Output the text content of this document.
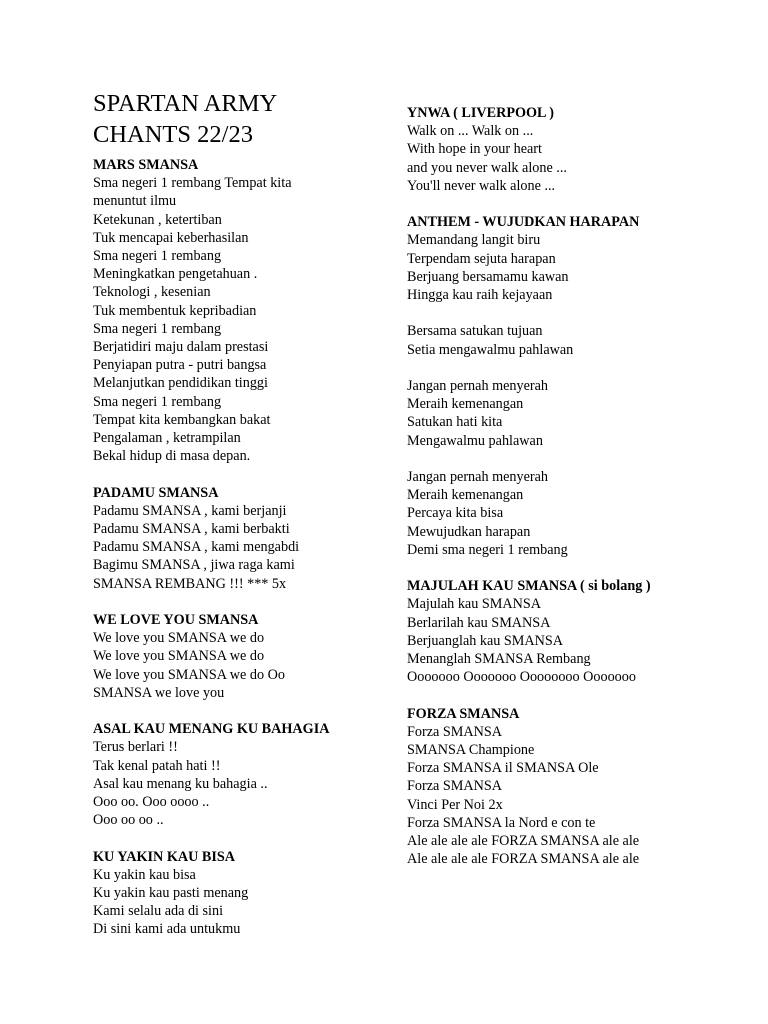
SPARTAN ARMY
CHANTS 22/23
MARS SMANSA
Sma negeri 1 rembang Tempat kita
menuntut ilmu
Ketekunan , ketertiban
Tuk mencapai keberhasilan
Sma negeri 1 rembang
Meningkatkan pengetahuan .
Teknologi , kesenian
Tuk membentuk kepribadian
Sma negeri 1 rembang
Berjatidiri maju dalam prestasi
Penyiapan putra - putri bangsa
Melanjutkan pendidikan tinggi
Sma negeri 1 rembang
Tempat kita kembangkan bakat
Pengalaman , ketrampilan
Bekal hidup di masa depan.
PADAMU SMANSA
Padamu SMANSA , kami berjanji
Padamu SMANSA , kami berbakti
Padamu SMANSA , kami mengabdi
Bagimu SMANSA , jiwa raga kami
SMANSA REMBANG !!! *** 5x
WE LOVE YOU SMANSA
We love you SMANSA we do
We love you SMANSA we do
We love you SMANSA we do Oo
SMANSA we love you
ASAL KAU MENANG KU BAHAGIA
Terus berlari !!
Tak kenal patah hati !!
Asal kau menang ku bahagia ..
Ooo oo. Ooo oooo ..
Ooo oo oo ..
KU YAKIN KAU BISA
Ku yakin kau bisa
Ku yakin kau pasti menang
Kami selalu ada di sini
Di sini kami ada untukmu
YNWA ( LIVERPOOL )
Walk on ... Walk on ...
With hope in your heart
and you never walk alone ...
You'll never walk alone ...
ANTHEM - WUJUDKAN HARAPAN
Memandang langit biru
Terpendam sejuta harapan
Berjuang bersamamu kawan
Hingga kau raih kejayaan
Bersama satukan tujuan
Setia mengawalmu pahlawan
Jangan pernah menyerah
Meraih kemenangan
Satukan hati kita
Mengawalmu pahlawan
Jangan pernah menyerah
Meraih kemenangan
Percaya kita bisa
Mewujudkan harapan
Demi sma negeri 1 rembang
MAJULAH KAU SMANSA ( si bolang )
Majulah kau SMANSA
Berlarilah kau SMANSA
Berjuanglah kau SMANSA
Menanglah SMANSA Rembang
Ooooooo Ooooooo Oooooooo Ooooooo
FORZA SMANSA
Forza SMANSA
SMANSA Champione
Forza SMANSA il SMANSA Ole
Forza SMANSA
Vinci Per Noi 2x
Forza SMANSA la Nord e con te
Ale ale ale ale FORZA SMANSA ale ale
Ale ale ale ale FORZA SMANSA ale ale
